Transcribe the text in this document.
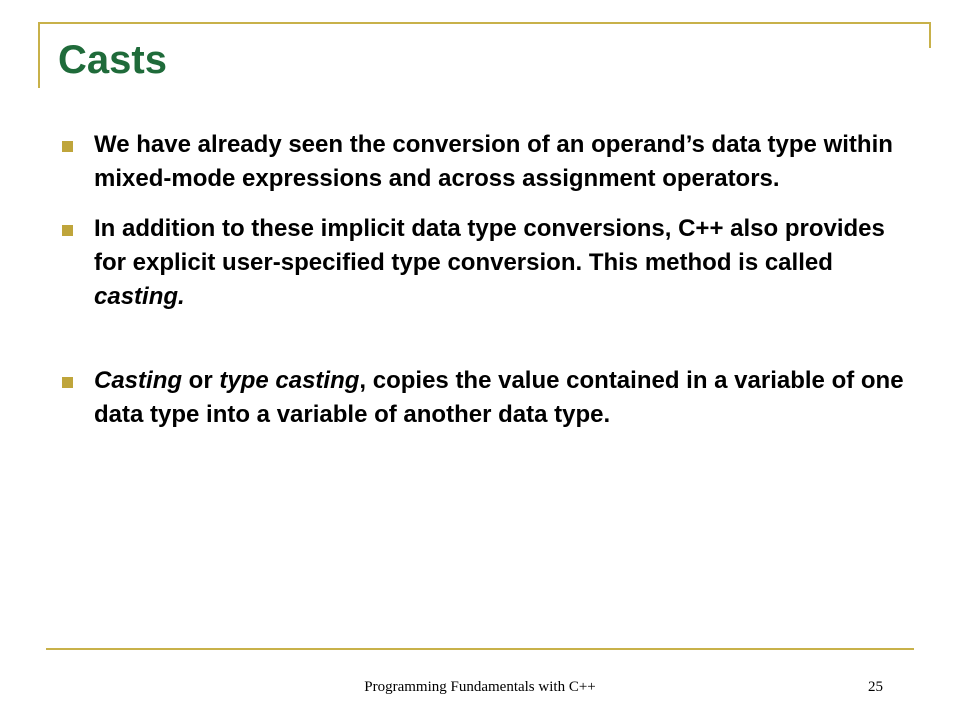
Casts
We have already seen the conversion of an operand’s data type within mixed-mode expressions and across assignment operators.
In addition to these implicit data type conversions, C++ also provides for explicit user-specified type conversion. This method is called casting.
Casting or type casting, copies the value contained in a variable of one data type into a variable of another data type.
Programming Fundamentals with C++	25
